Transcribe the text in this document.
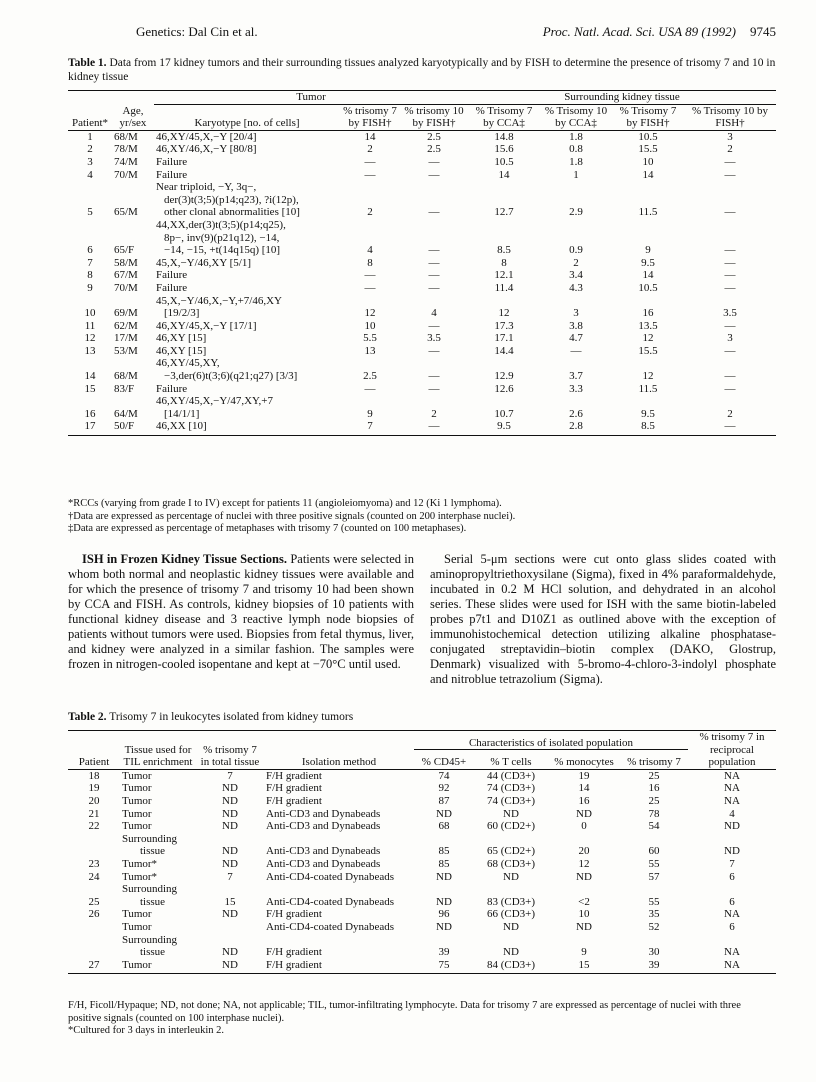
Genetics: Dal Cin et al.	Proc. Natl. Acad. Sci. USA 89 (1992) 9745
Table 1. Data from 17 kidney tumors and their surrounding tissues analyzed karyotypically and by FISH to determine the presence of trisomy 7 and 10 in kidney tissue
		Tumor			Surrounding kidney tissue			
Patient*	Age, yr/sex	Karyotype [no. of cells]	% trisomy 7 by FISH†	% trisomy 10 by FISH†	% Trisomy 7 by CCA‡	% Trisomy 10 by CCA‡	% Trisomy 7 by FISH†	% Trisomy 10 by FISH†
1	68/M	46,XY/45,X,−Y [20/4]	14	2.5	14.8	1.8	10.5	3
2	78/M	46,XY/46,X,−Y [80/8]	2	2.5	15.6	0.8	15.5	2
3	74/M	Failure	—	—	10.5	1.8	10	—
4	70/M	Failure	—	—	14	1	14	—
5	65/M	Near triploid, −Y, 3q−,
der(3)t(3;5)(p14;q23), ?i(12p),
other clonal abnormalities [10]	2	—	12.7	2.9	11.5	—
6	65/F	44,XX,der(3)t(3;5)(p14;q25),
8p−, inv(9)(p21q12), −14,
−14, −15, +t(14q15q) [10]	4	—	8.5	0.9	9	—
7	58/M	45,X,−Y/46,XY [5/1]	8	—	8	2	9.5	—
8	67/M	Failure	—	—	12.1	3.4	14	—
9	70/M	Failure	—	—	11.4	4.3	10.5	—
10	69/M	45,X,−Y/46,X,−Y,+7/46,XY
[19/2/3]	12	4	12	3	16	3.5
11	62/M	46,XY/45,X,−Y [17/1]	10	—	17.3	3.8	13.5	—
12	17/M	46,XY [15]	5.5	3.5	17.1	4.7	12	3
13	53/M	46,XY [15]	13	—	14.4	—	15.5	—
14	68/M	46,XY/45,XY,
−3,der(6)t(3;6)(q21;q27) [3/3]	2.5	—	12.9	3.7	12	—
15	83/F	Failure	—	—	12.6	3.3	11.5	—
16	64/M	46,XY/45,X,−Y/47,XY,+7
[14/1/1]	9	2	10.7	2.6	9.5	2
17	50/F	46,XX [10]	7	—	9.5	2.8	8.5	—
*RCCs (varying from grade I to IV) except for patients 11 (angioleiomyoma) and 12 (Ki 1 lymphoma).
†Data are expressed as percentage of nuclei with three positive signals (counted on 200 interphase nuclei).
‡Data are expressed as percentage of metaphases with trisomy 7 (counted on 100 metaphases).
ISH in Frozen Kidney Tissue Sections. Patients were selected in whom both normal and neoplastic kidney tissues were available and for which the presence of trisomy 7 and trisomy 10 had been shown by CCA and FISH. As controls, kidney biopsies of 10 patients with functional kidney disease and 3 reactive lymph node biopsies of patients without tumors were used. Biopsies from fetal thymus, liver, and kidney were analyzed in a similar fashion. The samples were frozen in nitrogen-cooled isopentane and kept at −70°C until used.
Serial 5-μm sections were cut onto glass slides coated with aminopropyltriethoxysilane (Sigma), fixed in 4% paraformaldehyde, incubated in 0.2 M HCl solution, and dehydrated in an alcohol series. These slides were used for ISH with the same biotin-labeled probes p7t1 and D10Z1 as outlined above with the exception of immunohistochemical detection utilizing alkaline phosphatase-conjugated streptavidin–biotin complex (DAKO, Glostrup, Denmark) visualized with 5-bromo-4-chloro-3-indolyl phosphate and nitroblue tetrazolium (Sigma).
Table 2. Trisomy 7 in leukocytes isolated from kidney tumors
Patient	Tissue used for TIL enrichment	% trisomy 7 in total tissue	Isolation method	Characteristics of isolated population				% trisomy 7 in reciprocal population
				% CD45+	% T cells	% monocytes	% trisomy 7	
18	Tumor	7	F/H gradient	74	44 (CD3+)	19	25	NA
19	Tumor	ND	F/H gradient	92	74 (CD3+)	14	16	NA
20	Tumor	ND	F/H gradient	87	74 (CD3+)	16	25	NA
21	Tumor	ND	Anti-CD3 and Dynabeads	ND	ND	ND	78	4
22	Tumor	ND	Anti-CD3 and Dynabeads	68	60 (CD2+)	0	54	ND

	Surrounding
tissue	ND	Anti-CD3 and Dynabeads	85	65 (CD2+)	20	60	ND
23	Tumor*	ND	Anti-CD3 and Dynabeads	85	68 (CD3+)	12	55	7
24	Tumor*	7	Anti-CD4-coated Dynabeads	ND	ND	ND	57	6
25	Surrounding
tissue	15	Anti-CD4-coated Dynabeads	ND	83 (CD3+)	<2	55	6
26	Tumor	ND	F/H gradient	96	66 (CD3+)	10	35	NA

	Tumor		Anti-CD4-coated Dynabeads	ND	ND	ND	52	6

	Surrounding
tissue	ND	F/H gradient	39	ND	9	30	NA
27	Tumor	ND	F/H gradient	75	84 (CD3+)	15	39	NA
F/H, Ficoll/Hypaque; ND, not done; NA, not applicable; TIL, tumor-infiltrating lymphocyte. Data for trisomy 7 are expressed as percentage of nuclei with three positive signals (counted on 100 interphase nuclei).
*Cultured for 3 days in interleukin 2.
